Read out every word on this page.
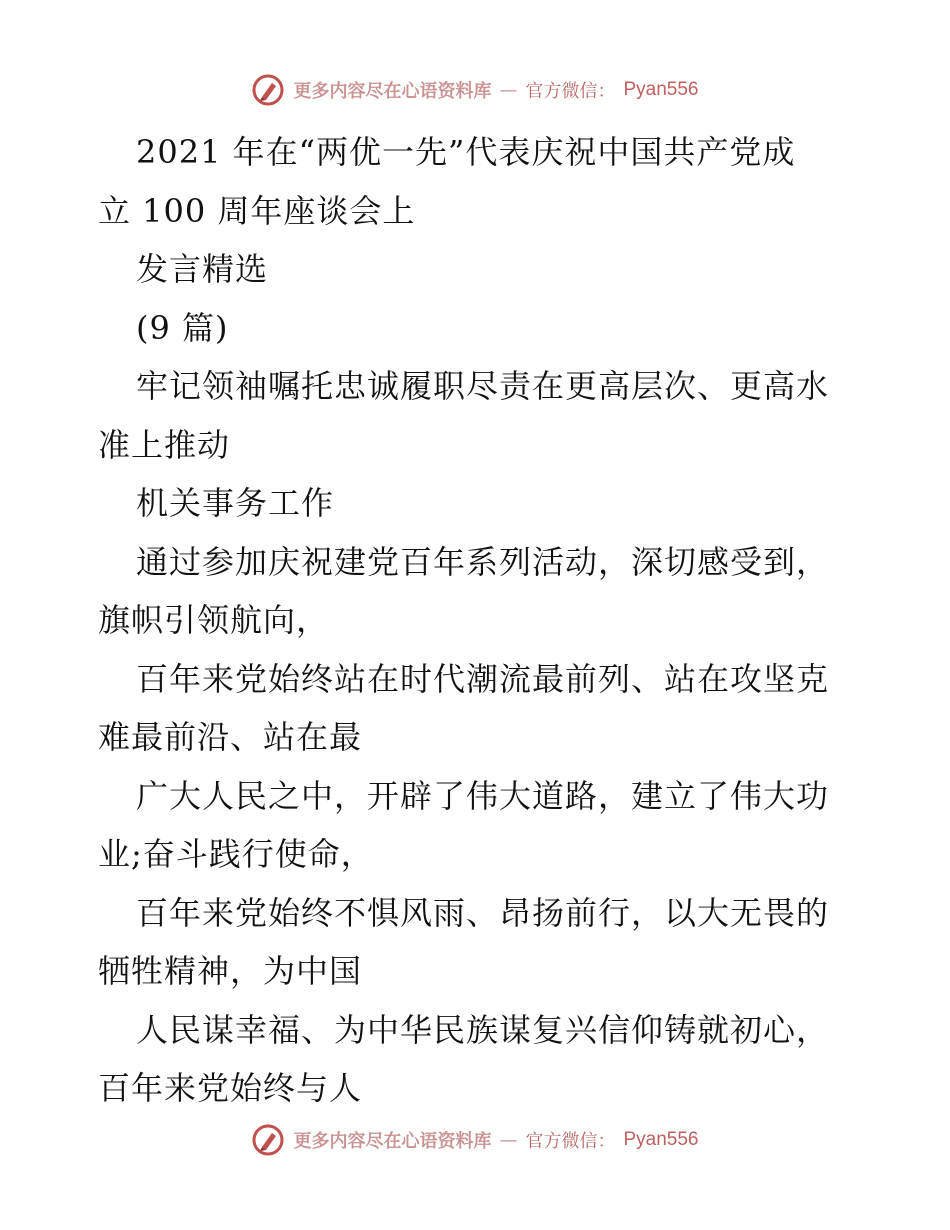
更多内容尽在心语资料库 — 官方微信： Pyan556
2021 年在“两优一先”代表庆祝中国共产党成
立 100 周年座谈会上
发言精选
(9 篇)
牢记领袖嘱托忠诚履职尽责在更高层次、更高水
准上推动
机关事务工作
通过参加庆祝建党百年系列活动，深切感受到，
旗帜引领航向，
百年来党始终站在时代潮流最前列、站在攻坚克
难最前沿、站在最
广大人民之中，开辟了伟大道路，建立了伟大功
业;奋斗践行使命，
百年来党始终不惧风雨、昂扬前行，以大无畏的
牺牲精神，为中国
人民谋幸福、为中华民族谋复兴信仰铸就初心，
百年来党始终与人
更多内容尽在心语资料库 — 官方微信： Pyan556
